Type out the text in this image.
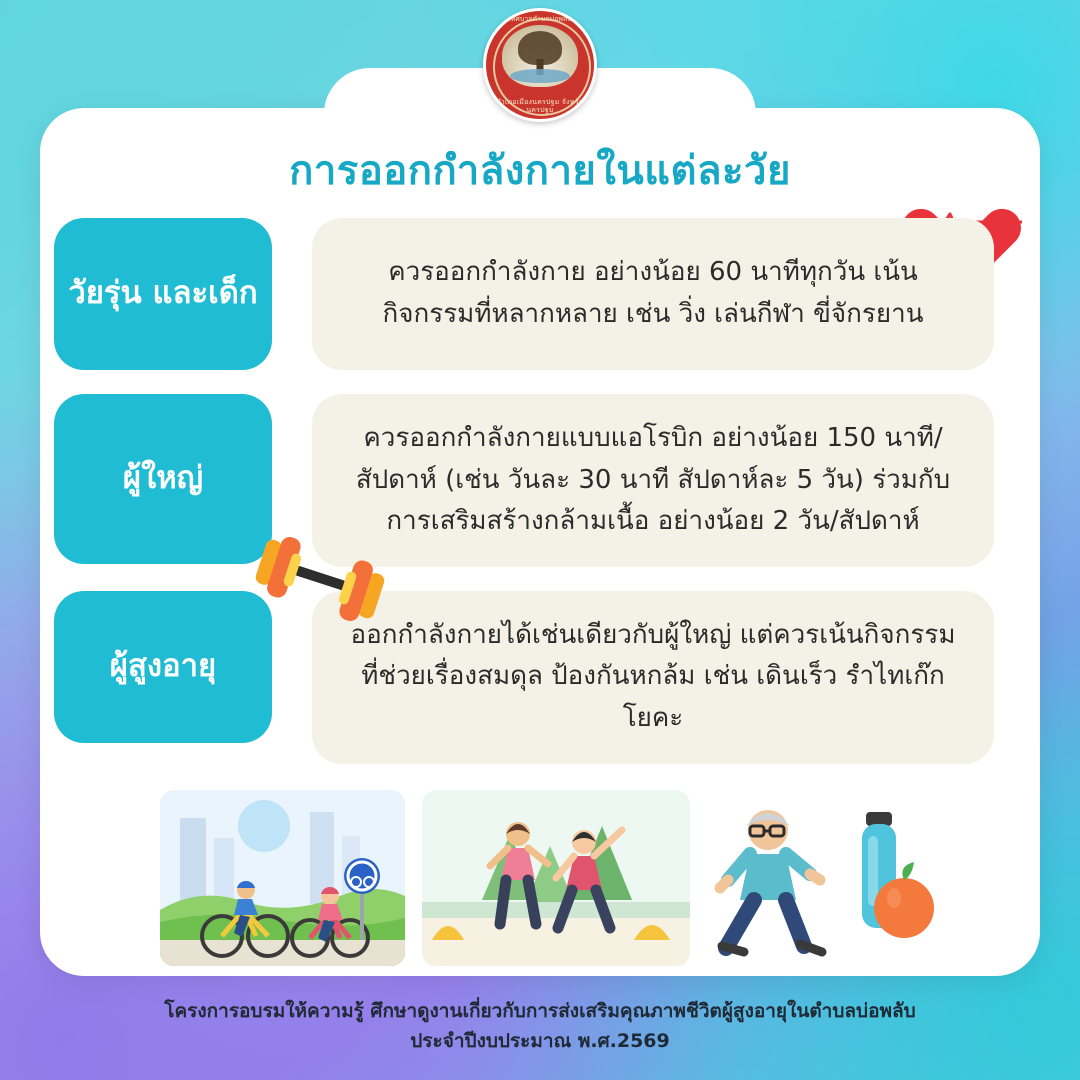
เทศบาลตำบลบ่อพลับ
อำเภอเมืองนครปฐม จังหวัดนครปฐม
การออกกำลังกายในแต่ละวัย
วัยรุ่น และเด็ก
ควรออกกำลังกาย อย่างน้อย 60 นาทีทุกวัน เน้นกิจกรรมที่หลากหลาย เช่น วิ่ง เล่นกีฬา ขี่จักรยาน
ผู้ใหญ่
ควรออกกำลังกายแบบแอโรบิก อย่างน้อย 150 นาที/สัปดาห์ (เช่น วันละ 30 นาที สัปดาห์ละ 5 วัน) ร่วมกับการเสริมสร้างกล้ามเนื้อ อย่างน้อย 2 วัน/สัปดาห์
ผู้สูงอายุ
ออกกำลังกายได้เช่นเดียวกับผู้ใหญ่ แต่ควรเน้นกิจกรรมที่ช่วยเรื่องสมดุล ป้องกันหกล้ม เช่น เดินเร็ว รำไทเก๊ก โยคะ
โครงการอบรมให้ความรู้ ศึกษาดูงานเกี่ยวกับการส่งเสริมคุณภาพชีวิตผู้สูงอายุในตำบลบ่อพลับ
ประจำปีงบประมาณ พ.ศ.2569
